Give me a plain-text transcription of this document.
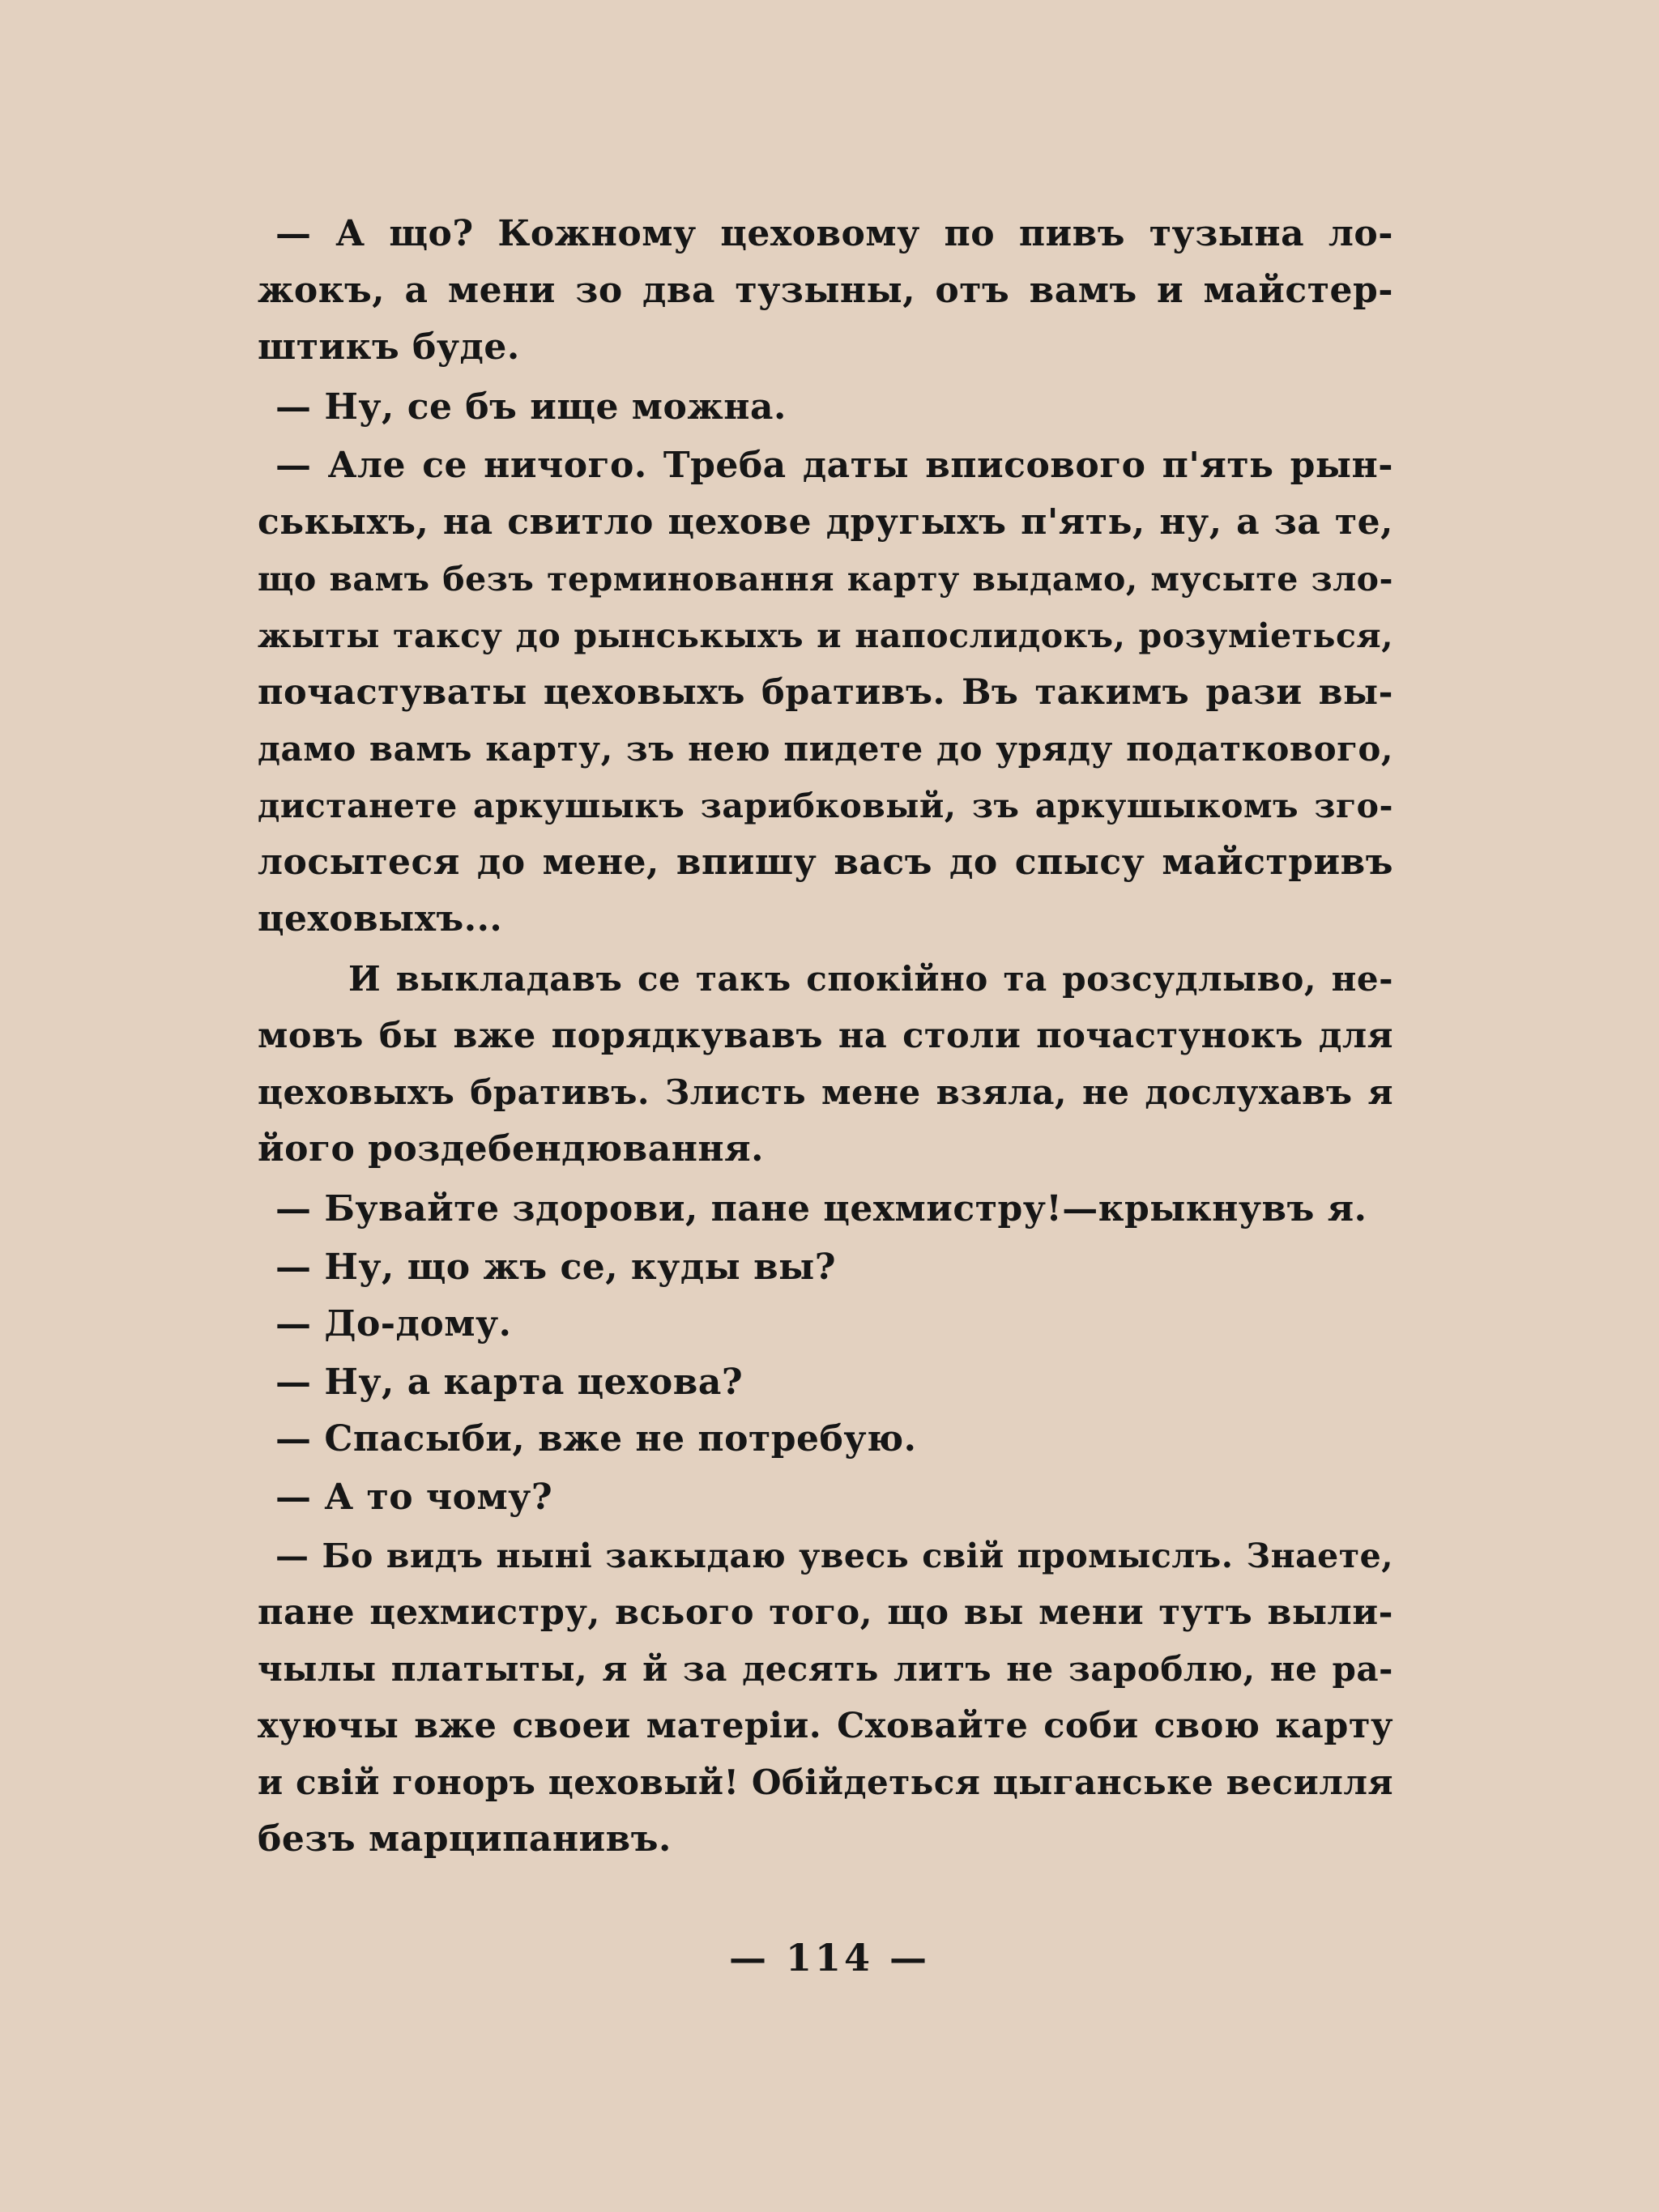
— А що? Кожному цеховому по пивъ тузына ло-
жокъ, а мени зо два тузыны, отъ вамъ и майстер-
штикъ буде.
— Ну, се бъ ище можна.
— Але се ничого. Треба даты вписового п'ять рын-
ськыхъ, на свитло цехове другыхъ п'ять, ну, а за те,
що вамъ безъ терминовання карту выдамо, мусыте зло-
жыты таксу до рынськыхъ и напослидокъ, розуміеться,
почастуваты цеховыхъ бративъ. Въ такимъ рази вы-
дамо вамъ карту, зъ нею пидете до уряду податкового,
дистанете аркушыкъ зарибковый, зъ аркушыкомъ зго-
лосытеся до мене, впишу васъ до спысу майстривъ
цеховыхъ...
И выкладавъ се такъ спокійно та розсудлыво, не-
мовъ бы вже порядкувавъ на столи почастунокъ для
цеховыхъ бративъ. Злисть мене взяла, не дослухавъ я
його роздебендювання.
— Бувайте здорови, пане цехмистру!—крыкнувъ я.
— Ну, що жъ се, куды вы?
— До-дому.
— Ну, а карта цехова?
— Спасыби, вже не потребую.
— А то чому?
— Бо видъ нынi закыдаю увесь свій промыслъ. Знаете,
пане цехмистру, всього того, що вы мени тутъ выли-
чылы платыты, я й за десять литъ не зароблю, не ра-
хуючы вже своеи матеріи. Сховайте соби свою карту
и свій гоноръ цеховый! Обійдеться цыганське весилля
безъ марципанивъ.
— 114 —
